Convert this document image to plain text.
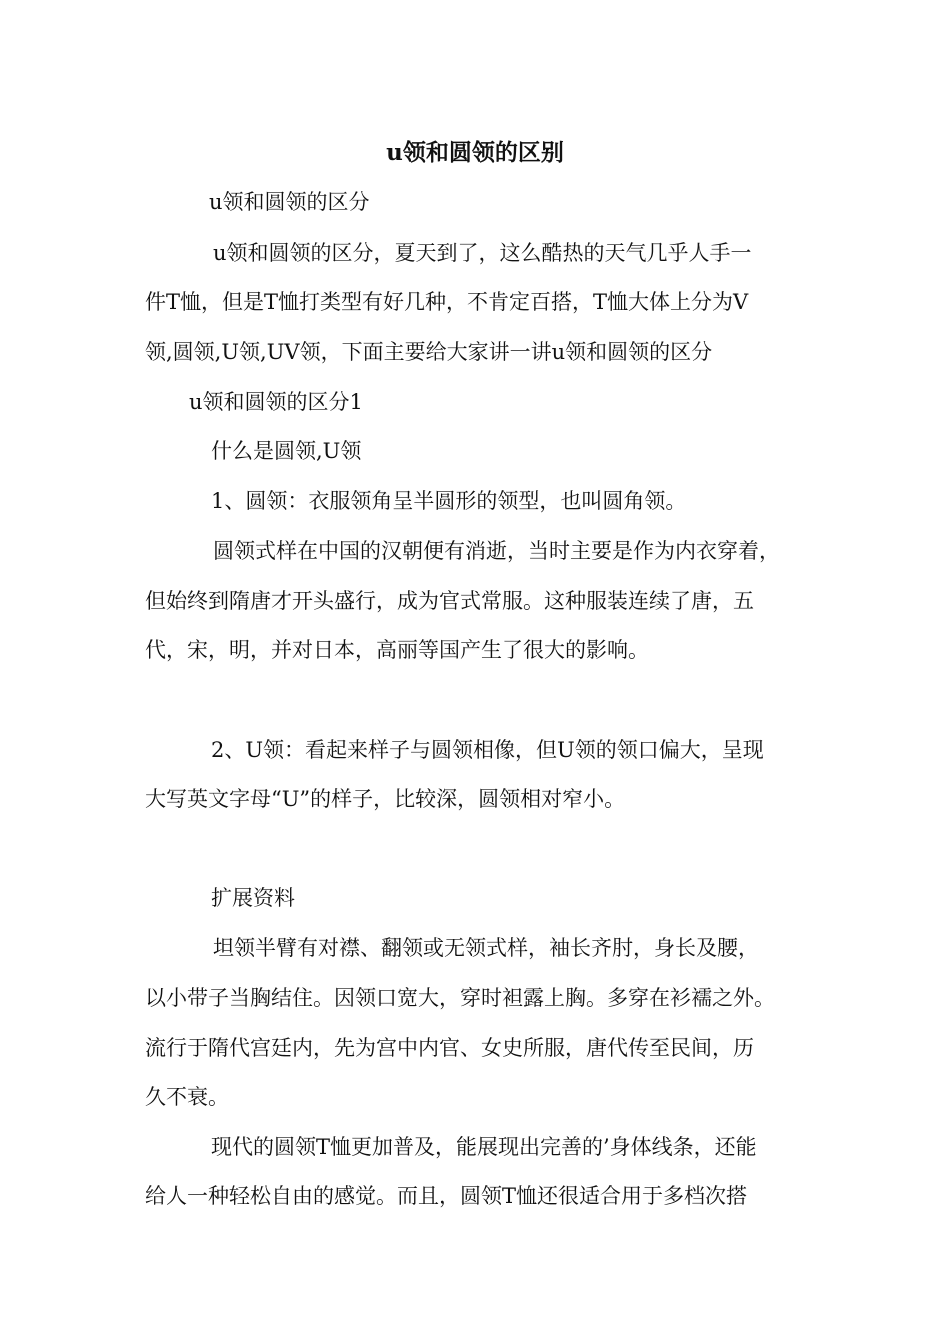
u领和圆领的区别
u领和圆领的区分
u领和圆领的区分，夏天到了，这么酷热的天气几乎人手一
件T恤，但是T恤打类型有好几种，不肯定百搭，T恤大体上分为V
领,圆领,U领,UV领，下面主要给大家讲一讲u领和圆领的区分
u领和圆领的区分1
什么是圆领,U领
1、圆领：衣服领角呈半圆形的领型，也叫圆角领。
圆领式样在中国的汉朝便有消逝，当时主要是作为内衣穿着，
但始终到隋唐才开头盛行，成为官式常服。这种服装连续了唐，五
代，宋，明，并对日本，高丽等国产生了很大的影响。
2、U领：看起来样子与圆领相像，但U领的领口偏大，呈现
大写英文字母“U”的样子，比较深，圆领相对窄小。
扩展资料
坦领半臂有对襟、翻领或无领式样，袖长齐肘，身长及腰，
以小带子当胸结住。因领口宽大，穿时袒露上胸。多穿在衫襦之外。
流行于隋代宫廷内，先为宫中内官、女史所服，唐代传至民间，历
久不衰。
现代的圆领T恤更加普及，能展现出完善的’身体线条，还能
给人一种轻松自由的感觉。而且，圆领T恤还很适合用于多档次搭
